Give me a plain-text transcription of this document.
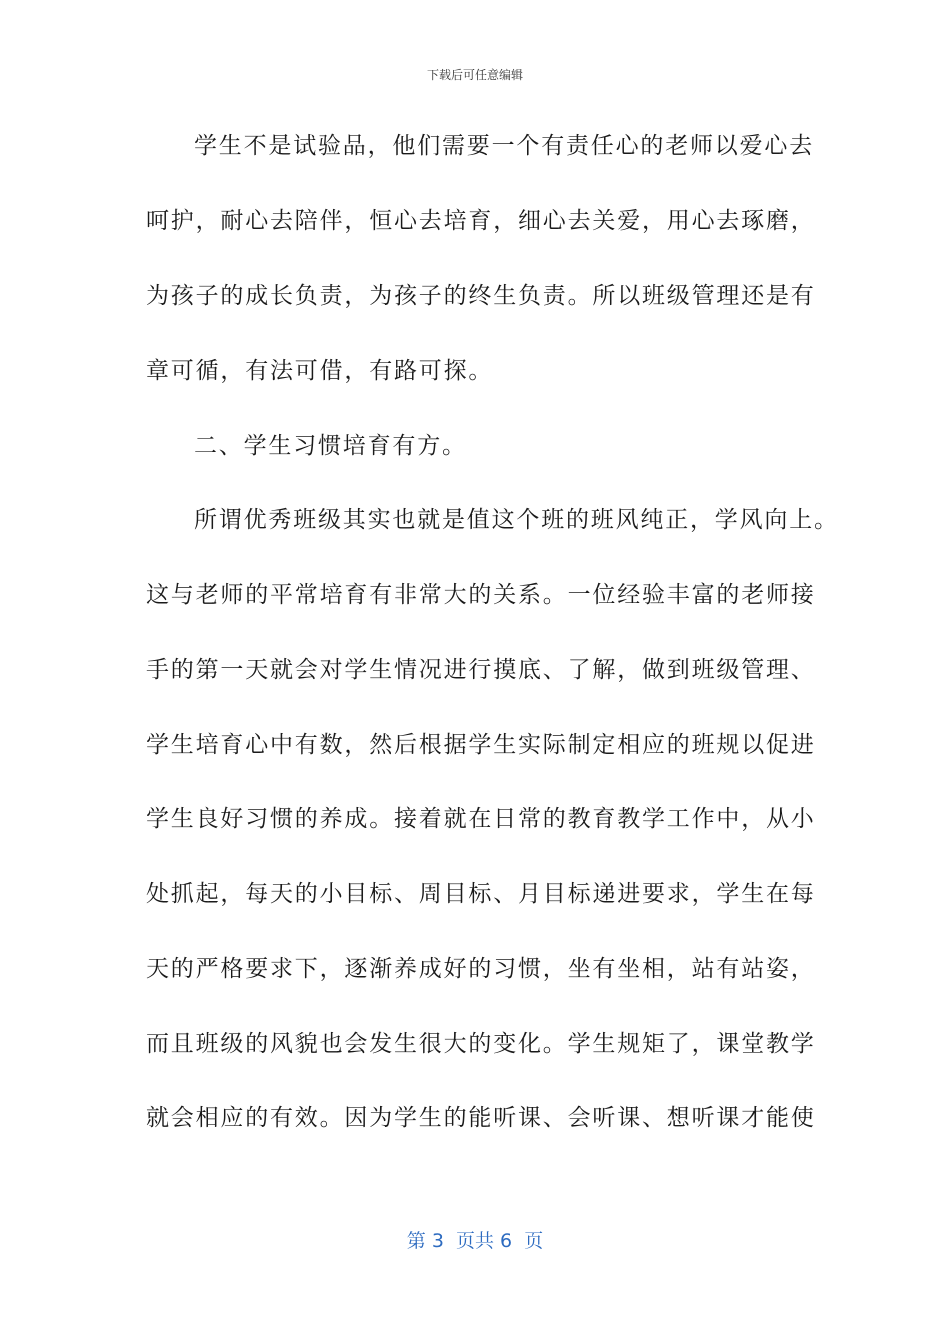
下载后可任意编辑
学生不是试验品，他们需要一个有责任心的老师以爱心去
呵护，耐心去陪伴，恒心去培育，细心去关爱，用心去琢磨，
为孩子的成长负责，为孩子的终生负责。所以班级管理还是有
章可循，有法可借，有路可探。
二、学生习惯培育有方。
所谓优秀班级其实也就是值这个班的班风纯正，学风向上。
这与老师的平常培育有非常大的关系。一位经验丰富的老师接
手的第一天就会对学生情况进行摸底、了解，做到班级管理、
学生培育心中有数，然后根据学生实际制定相应的班规以促进
学生良好习惯的养成。接着就在日常的教育教学工作中，从小
处抓起，每天的小目标、周目标、月目标递进要求，学生在每
天的严格要求下，逐渐养成好的习惯，坐有坐相，站有站姿，
而且班级的风貌也会发生很大的变化。学生规矩了，课堂教学
就会相应的有效。因为学生的能听课、会听课、想听课才能使
第 3  页共 6  页
